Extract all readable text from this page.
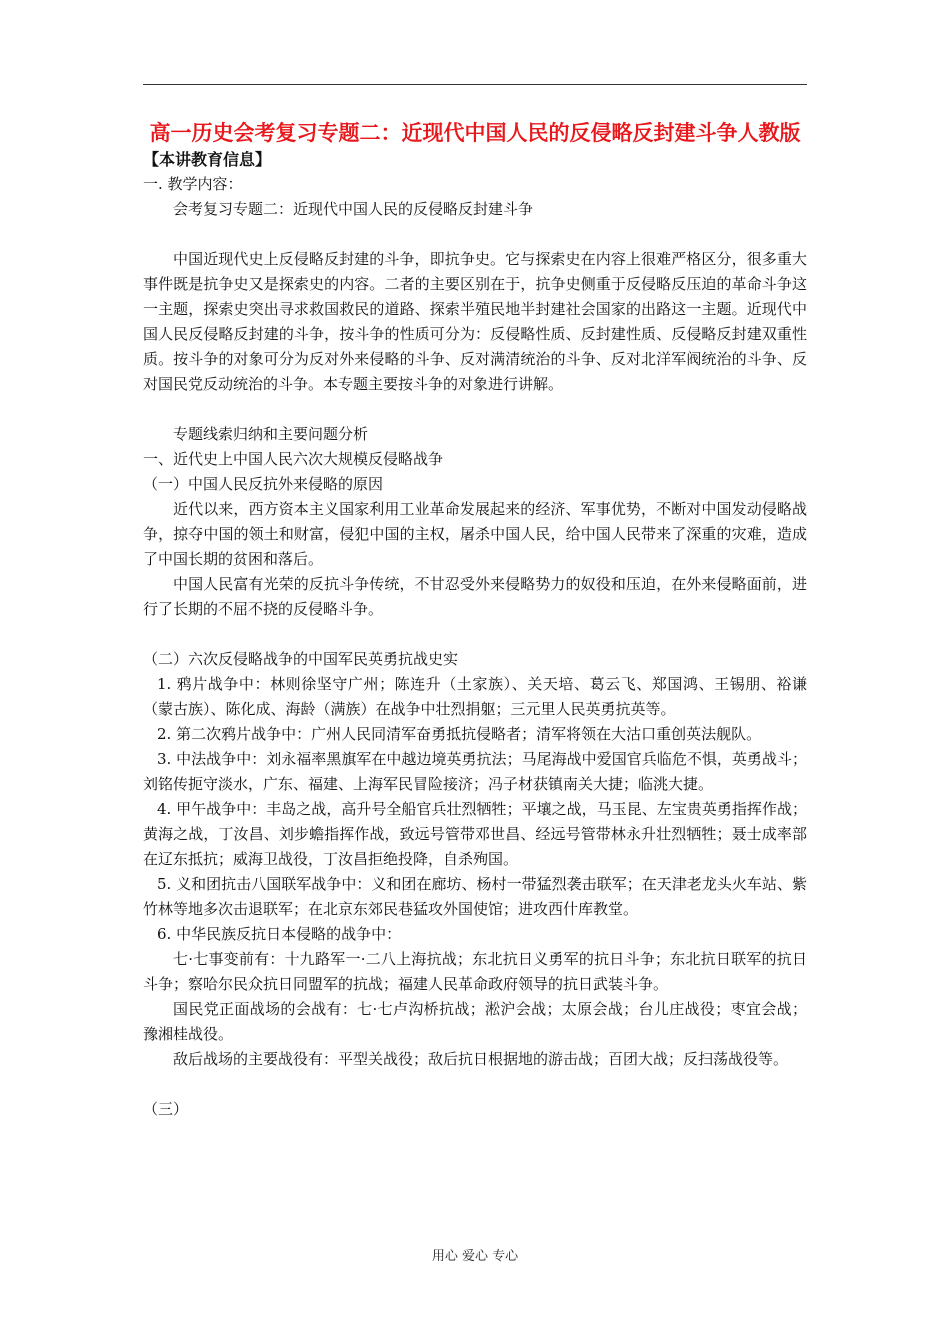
高一历史会考复习专题二：近现代中国人民的反侵略反封建斗争人教版
【本讲教育信息】

一. 教学内容：

会考复习专题二：近现代中国人民的反侵略反封建斗争

中国近现代史上反侵略反封建的斗争，即抗争史。它与探索史在内容上很难严格区分，很多重大事件既是抗争史又是探索史的内容。二者的主要区别在于，抗争史侧重于反侵略反压迫的革命斗争这一主题，探索史突出寻求救国救民的道路、探索半殖民地半封建社会国家的出路这一主题。近现代中国人民反侵略反封建的斗争，按斗争的性质可分为：反侵略性质、反封建性质、反侵略反封建双重性质。按斗争的对象可分为反对外来侵略的斗争、反对满清统治的斗争、反对北洋军阀统治的斗争、反对国民党反动统治的斗争。本专题主要按斗争的对象进行讲解。

专题线索归纳和主要问题分析

一、近代史上中国人民六次大规模反侵略战争

（一）中国人民反抗外来侵略的原因

近代以来，西方资本主义国家利用工业革命发展起来的经济、军事优势，不断对中国发动侵略战争，掠夺中国的领土和财富，侵犯中国的主权，屠杀中国人民，给中国人民带来了深重的灾难，造成了中国长期的贫困和落后。

中国人民富有光荣的反抗斗争传统，不甘忍受外来侵略势力的奴役和压迫，在外来侵略面前，进行了长期的不屈不挠的反侵略斗争。

（二）六次反侵略战争的中国军民英勇抗战史实

1. 鸦片战争中：林则徐坚守广州；陈连升（土家族）、关天培、葛云飞、郑国鸿、王锡朋、裕谦（蒙古族）、陈化成、海龄（满族）在战争中壮烈捐躯；三元里人民英勇抗英等。

2. 第二次鸦片战争中：广州人民同清军奋勇抵抗侵略者；清军将领在大沽口重创英法舰队。

3. 中法战争中：刘永福率黑旗军在中越边境英勇抗法；马尾海战中爱国官兵临危不惧，英勇战斗；刘铭传扼守淡水，广东、福建、上海军民冒险接济；冯子材获镇南关大捷；临洮大捷。

4. 甲午战争中：丰岛之战，高升号全船官兵壮烈牺牲；平壤之战，马玉昆、左宝贵英勇指挥作战；黄海之战，丁汝昌、刘步蟾指挥作战，致远号管带邓世昌、经远号管带林永升壮烈牺牲；聂士成率部在辽东抵抗；威海卫战役，丁汝昌拒绝投降，自杀殉国。

5. 义和团抗击八国联军战争中：义和团在廊坊、杨村一带猛烈袭击联军；在天津老龙头火车站、紫竹林等地多次击退联军；在北京东郊民巷猛攻外国使馆；进攻西什库教堂。

6. 中华民族反抗日本侵略的战争中：

七·七事变前有：十九路军一·二八上海抗战；东北抗日义勇军的抗日斗争；东北抗日联军的抗日斗争；察哈尔民众抗日同盟军的抗战；福建人民革命政府领导的抗日武装斗争。

国民党正面战场的会战有：七·七卢沟桥抗战；淞沪会战；太原会战；台儿庄战役；枣宜会战；豫湘桂战役。

敌后战场的主要战役有：平型关战役；敌后抗日根据地的游击战；百团大战；反扫荡战役等。

（三）

用心 爱心 专心
